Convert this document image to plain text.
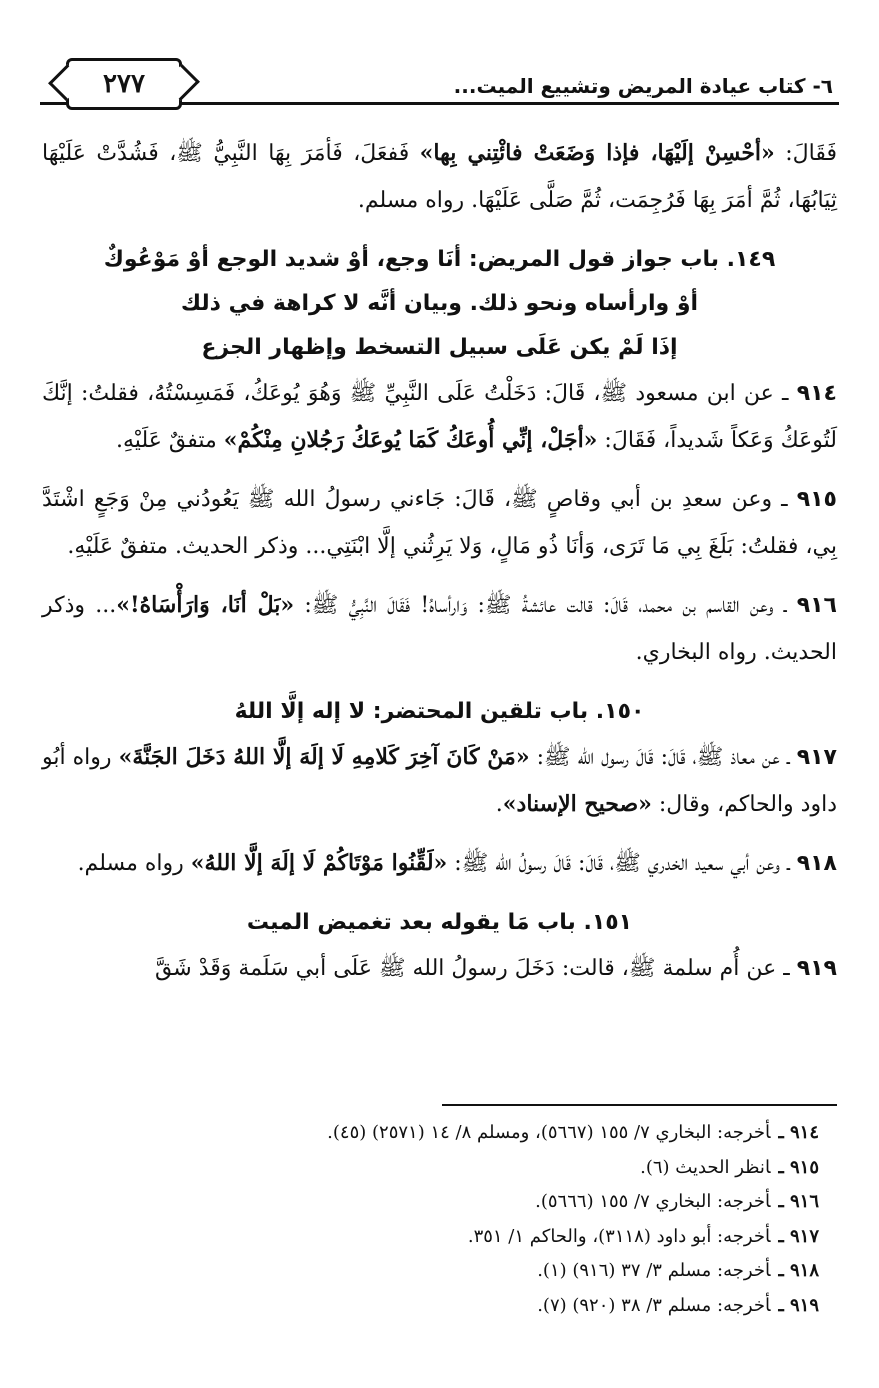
٢٧٧	٦- كتاب عيادة المريض وتشييع الميت...

فَقَالَ: «أحْسِنْ إلَيْهَا، فإذا وَضَعَتْ فائْتِني بِها» فَفعَلَ، فَأمَرَ بِهَا النَّبِيُّ ﷺ، فَشُدَّتْ عَلَيْهَا ثِيَابُهَا، ثُمَّ أمَرَ بِهَا فَرُجِمَت، ثُمَّ صَلَّى عَلَيْهَا. رواه مسلم.

١٤٩. باب جواز قول المريض: أنَا وجع، أوْ شديد الوجع أوْ مَوْعُوكٌ
أوْ وارأساه ونحو ذلك. وبيان أنَّه لا كراهة في ذلك
إذَا لَمْ يكن عَلَى سبيل التسخط وإظهار الجزع

٩١٤ ـ عن ابن مسعود ﷺ، قَالَ: دَخَلْتُ عَلَى النَّبِيِّ ﷺ وَهُوَ يُوعَكُ، فَمَسِسْتُهُ، فقلتُ: إنَّكَ لَتُوعَكُ وَعَكاً شَديداً، فَقَالَ: «أجَلْ، إنِّي أُوعَكُ كَمَا يُوعَكُ رَجُلانِ مِنْكُمْ» متفقٌ عَلَيْهِ.

٩١٥ ـ وعن سعدِ بن أبي وقاصٍ ﷺ، قَالَ: جَاءني رسولُ الله ﷺ يَعُودُني مِنْ وَجَعٍ اشْتَدَّ بِي، فقلتُ: بَلَغَ بِي مَا تَرَى، وَأنَا ذُو مَالٍ، وَلا يَرِثُني إلَّا ابْنَتِي... وذكر الحديث. متفقٌ عَلَيْهِ.

٩١٦ ـ وعن القاسم بن محمد، قَالَ: قالت عائشةُ ﷺ: وَارأساهُ! فَقَالَ النَّبِيُّ ﷺ: «بَلْ أنَا، وَارَأْسَاهُ!»... وذكر الحديث. رواه البخاري.

١٥٠. باب تلقين المحتضر: لا إله إلَّا اللهُ

٩١٧ ـ عن معاذ ﷺ، قَالَ: قَالَ رسول الله ﷺ: «مَنْ كَانَ آخِرَ كَلامِهِ لَا إلَهَ إلَّا اللهُ دَخَلَ الجَنَّةَ» رواه أبُو داود والحاكم، وقال: «صحيح الإسناد».

٩١٨ ـ وعن أبي سعيد الخدري ﷺ، قَالَ: قَالَ رسولُ الله ﷺ: «لَقِّنُوا مَوْتَاكُمْ لَا إلَهَ إلَّا اللهُ» رواه مسلم.

١٥١. باب مَا يقوله بعد تغميض الميت

٩١٩ ـ عن أُم سلمة ﷺ، قالت: دَخَلَ رسولُ الله ﷺ عَلَى أبي سَلَمة وَقَدْ شَقَّ

٩١٤ ـأخرجه: البخاري ٧/ ١٥٥ (٥٦٦٧)، ومسلم ٨/ ١٤ (٢٥٧١) (٤٥).
٩١٥ ـانظر الحديث (٦).
٩١٦ ـأخرجه: البخاري ٧/ ١٥٥ (٥٦٦٦).
٩١٧ ـأخرجه: أبو داود (٣١١٨)، والحاكم ١/ ٣٥١.
٩١٨ ـأخرجه: مسلم ٣/ ٣٧ (٩١٦) (١).
٩١٩ ـأخرجه: مسلم ٣/ ٣٨ (٩٢٠) (٧).
